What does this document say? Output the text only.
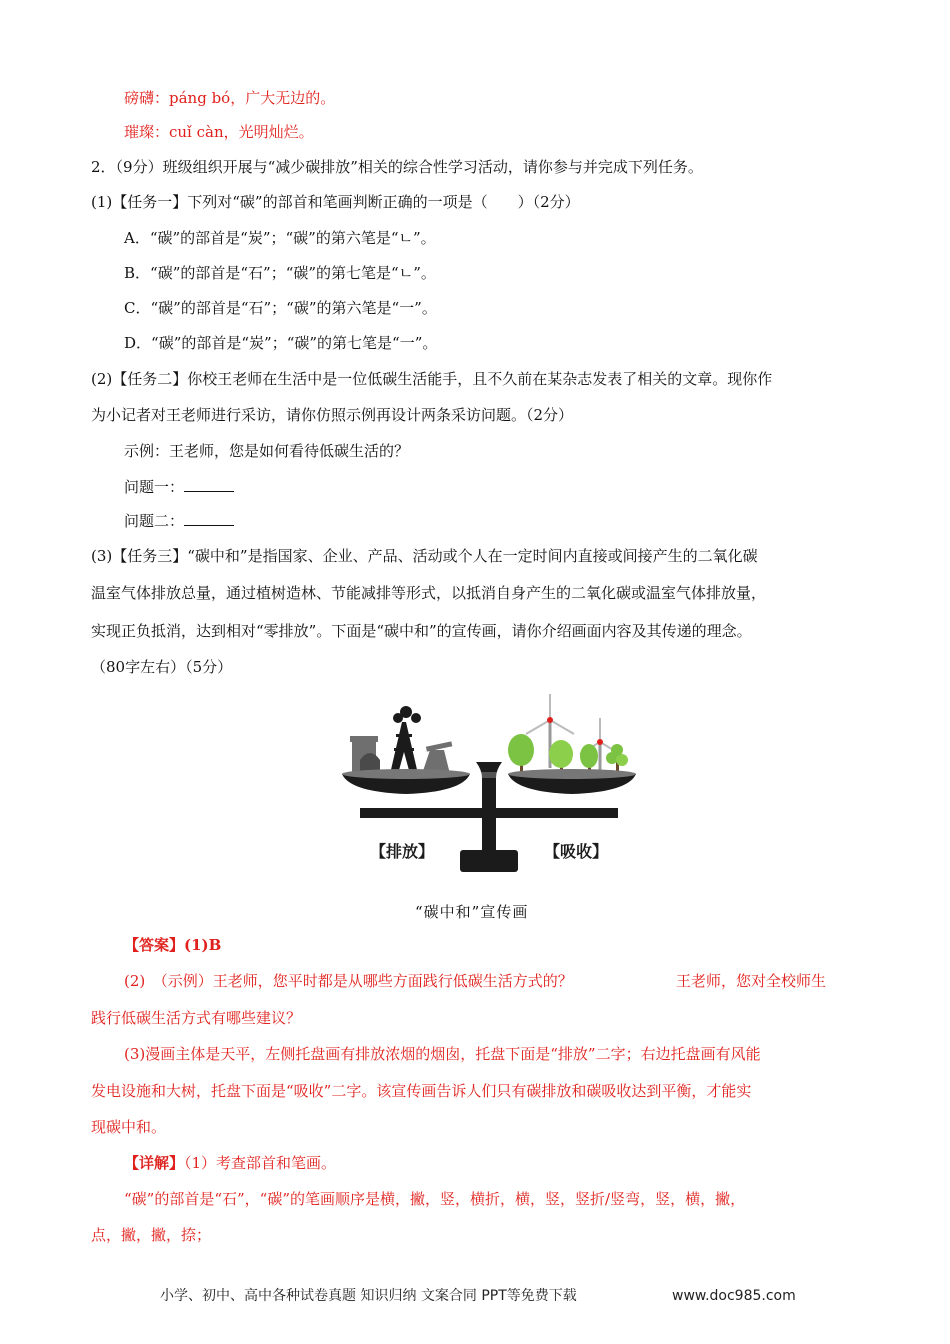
磅礴：páng bó，广大无边的。
璀璨：cuǐ càn，光明灿烂。
2．（9分）班级组织开展与“减少碳排放”相关的综合性学习活动，请你参与并完成下列任务。
(1)【任务一】下列对“碳”的部首和笔画判断正确的一项是（　　）（2分）
A．“碳”的部首是“炭”；“碳”的第六笔是“ㄴ”。
B．“碳”的部首是“石”；“碳”的第七笔是“ㄴ”。
C．“碳”的部首是“石”；“碳”的第六笔是“一”。
D．“碳”的部首是“炭”；“碳”的第七笔是“一”。
(2)【任务二】你校王老师在生活中是一位低碳生活能手，且不久前在某杂志发表了相关的文章。现你作
为小记者对王老师进行采访，请你仿照示例再设计两条采访问题。（2分）
示例：王老师，您是如何看待低碳生活的？
问题一：
问题二：
(3)【任务三】“碳中和”是指国家、企业、产品、活动或个人在一定时间内直接或间接产生的二氧化碳
温室气体排放总量，通过植树造林、节能减排等形式，以抵消自身产生的二氧化碳或温室气体排放量，
实现正负抵消，达到相对“零排放”。下面是“碳中和”的宣传画，请你介绍画面内容及其传递的理念。
（80字左右）（5分）
【排放】	【吸收】
“碳中和”宣传画
【答案】(1)B
(2)　（示例）王老师，您平时都是从哪些方面践行低碳生活方式的？	王老师，您对全校师生
践行低碳生活方式有哪些建议？
(3)漫画主体是天平，左侧托盘画有排放浓烟的烟囱，托盘下面是“排放”二字；右边托盘画有风能
发电设施和大树，托盘下面是“吸收”二字。该宣传画告诉人们只有碳排放和碳吸收达到平衡，才能实
现碳中和。
【详解】（1）考查部首和笔画。
“碳”的部首是“石”，“碳”的笔画顺序是横，撇，竖，横折，横，竖，竖折/竖弯，竖，横，撇，
点，撇，撇，捺；
小学、初中、高中各种试卷真题 知识归纳 文案合同 PPT等免费下载	www.doc985.com
